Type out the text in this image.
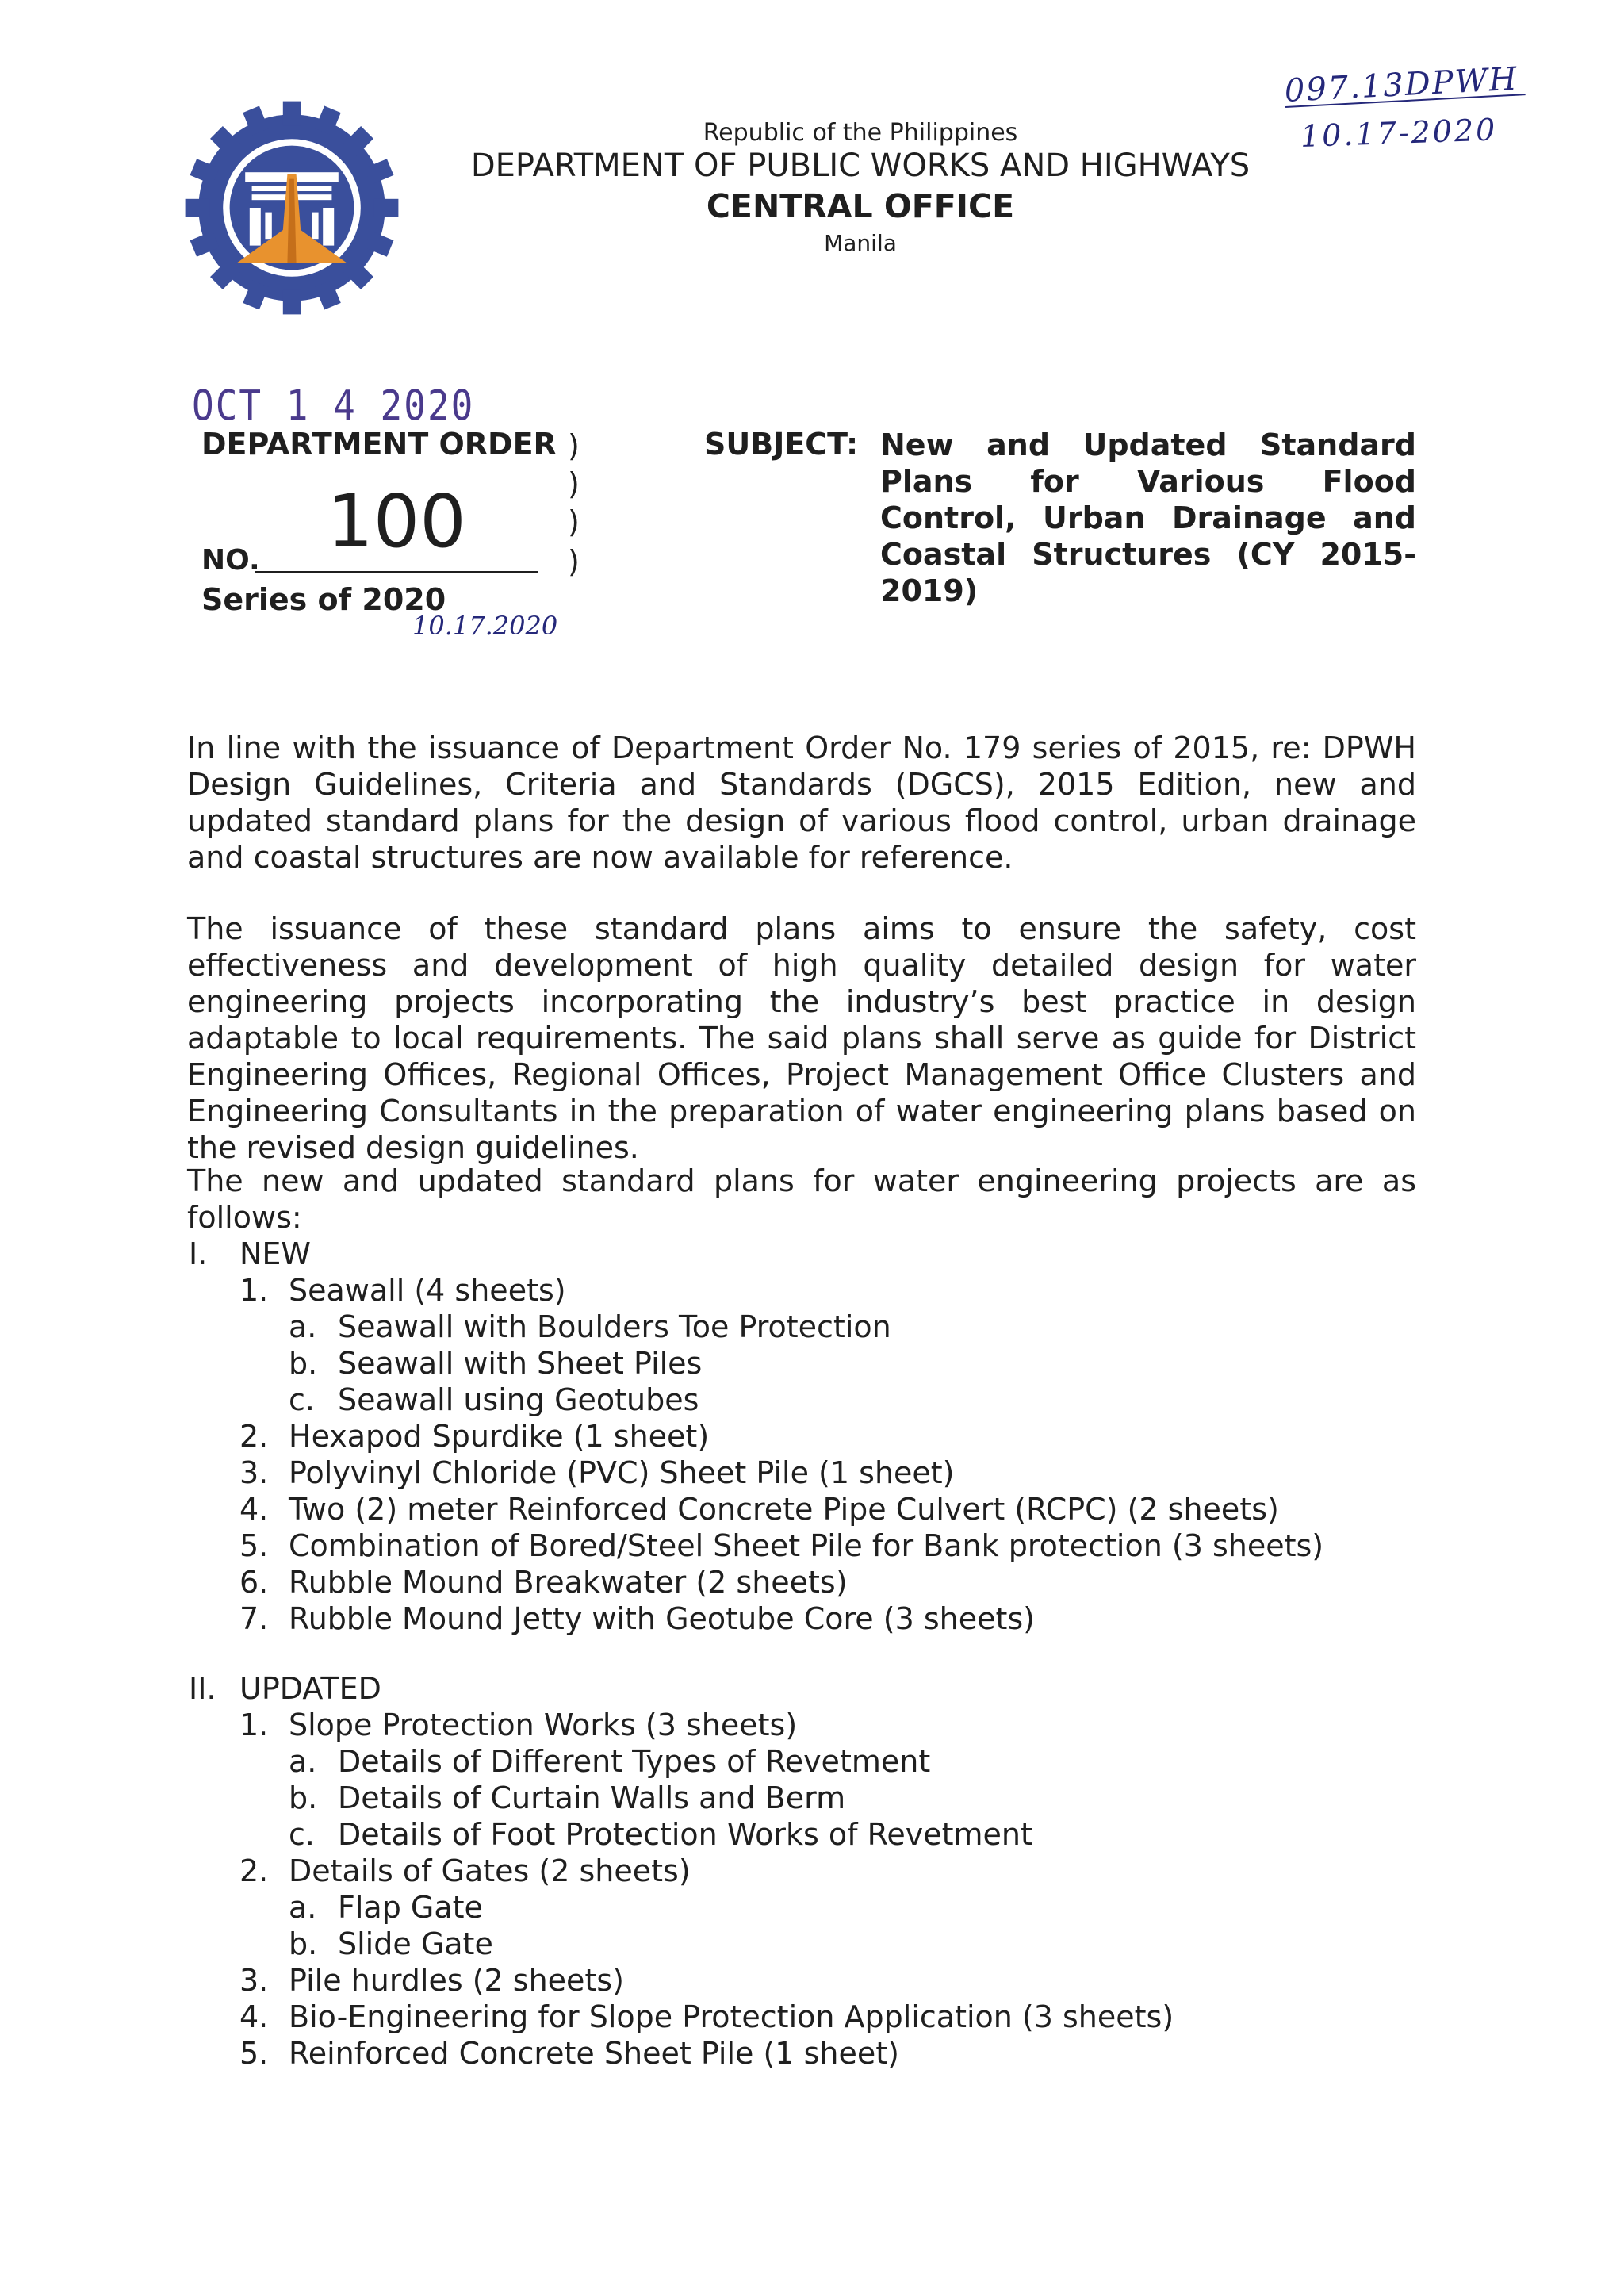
Republic of the Philippines
DEPARTMENT OF PUBLIC WORKS AND HIGHWAYS
CENTRAL OFFICE
Manila
097.13DPWH
10.17-2020
OCT 1 4 2020
DEPARTMENT ORDER )
)
)
)
NO. 100
Series of 2020
10.17.2020
SUBJECT: New and Updated Standard Plans for Various Flood Control, Urban Drainage and Coastal Structures (CY 2015-2019)
In line with the issuance of Department Order No. 179 series of 2015, re: DPWH Design Guidelines, Criteria and Standards (DGCS), 2015 Edition, new and updated standard plans for the design of various flood control, urban drainage and coastal structures are now available for reference.
The issuance of these standard plans aims to ensure the safety, cost effectiveness and development of high quality detailed design for water engineering projects incorporating the industry’s best practice in design adaptable to local requirements. The said plans shall serve as guide for District Engineering Offices, Regional Offices, Project Management Office Clusters and Engineering Consultants in the preparation of water engineering plans based on the revised design guidelines.
The new and updated standard plans for water engineering projects are as follows:
I. NEW
1. Seawall (4 sheets)
a. Seawall with Boulders Toe Protection
b. Seawall with Sheet Piles
c. Seawall using Geotubes
2. Hexapod Spurdike (1 sheet)
3. Polyvinyl Chloride (PVC) Sheet Pile (1 sheet)
4. Two (2) meter Reinforced Concrete Pipe Culvert (RCPC) (2 sheets)
5. Combination of Bored/Steel Sheet Pile for Bank protection (3 sheets)
6. Rubble Mound Breakwater (2 sheets)
7. Rubble Mound Jetty with Geotube Core (3 sheets)
II. UPDATED
1. Slope Protection Works (3 sheets)
a. Details of Different Types of Revetment
b. Details of Curtain Walls and Berm
c. Details of Foot Protection Works of Revetment
2. Details of Gates (2 sheets)
a. Flap Gate
b. Slide Gate
3. Pile hurdles (2 sheets)
4. Bio-Engineering for Slope Protection Application (3 sheets)
5. Reinforced Concrete Sheet Pile (1 sheet)
